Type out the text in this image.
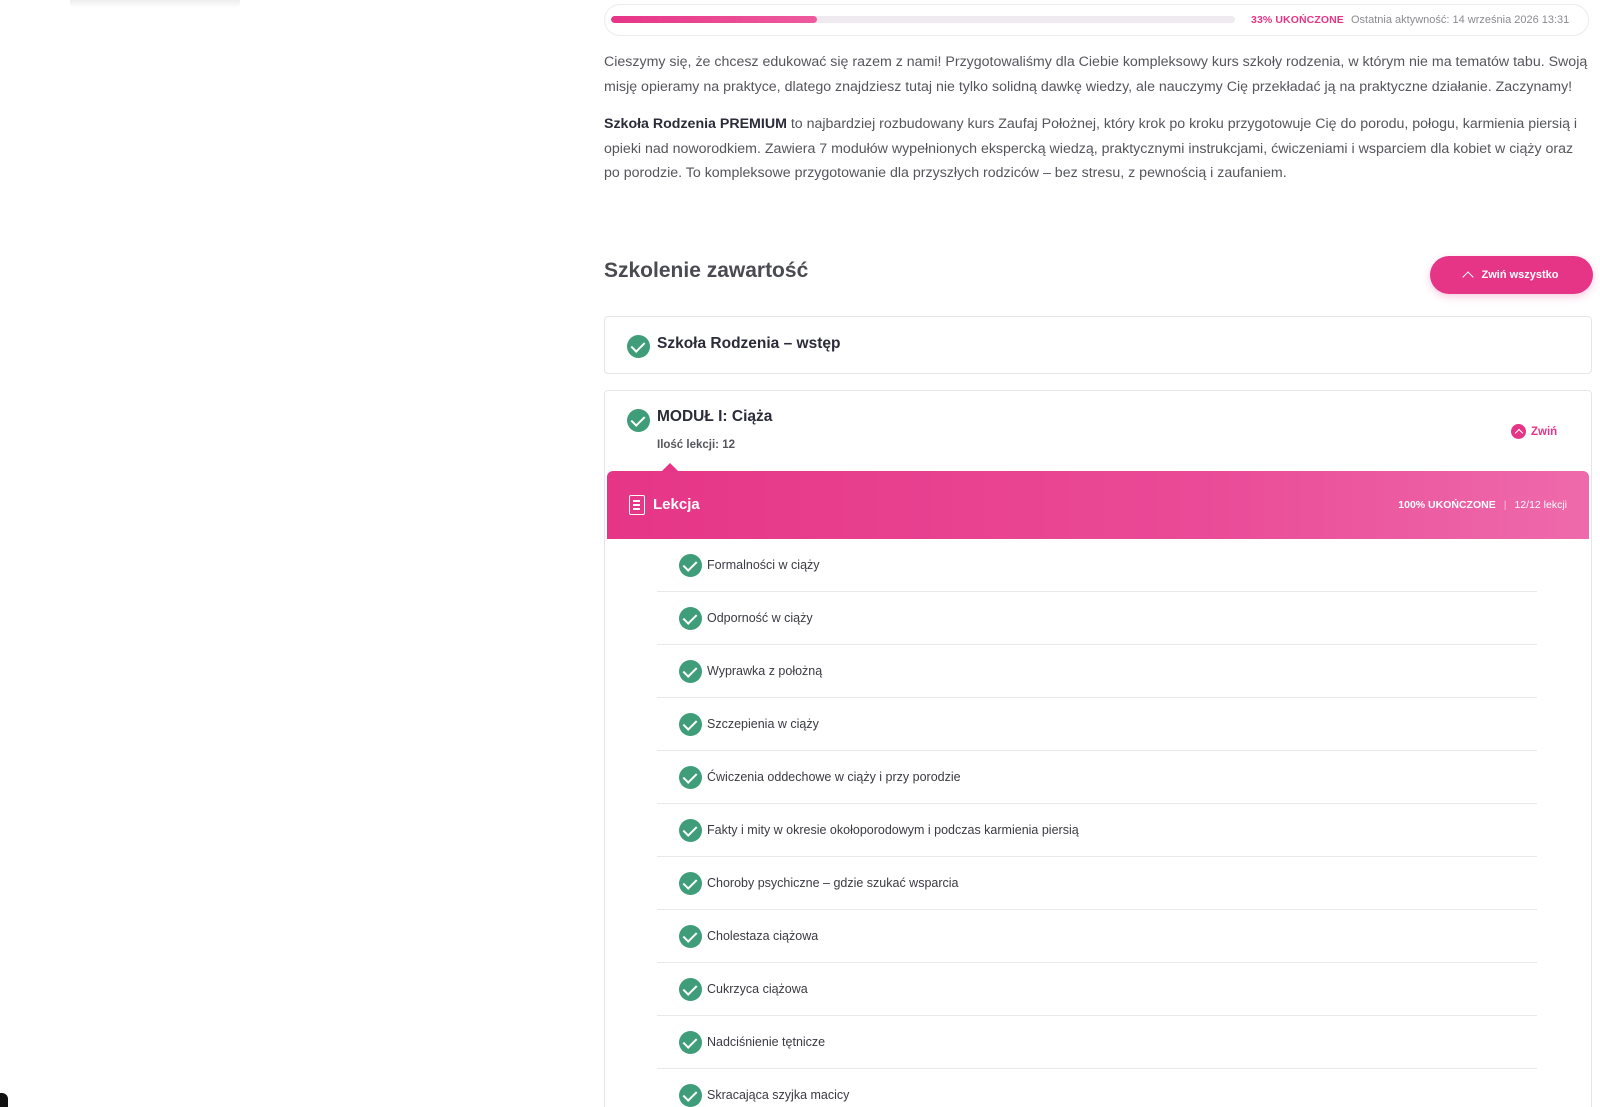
33% UKOŃCZONE Ostatnia aktywność: 14 września 2026 13:31

Cieszymy się, że chcesz edukować się razem z nami! Przygotowaliśmy dla Ciebie kompleksowy kurs szkoły rodzenia, w którym nie ma tematów tabu. Swoją misję opieramy na praktyce, dlatego znajdziesz tutaj nie tylko solidną dawkę wiedzy, ale nauczymy Cię przekładać ją na praktyczne działanie. Zaczynamy!

Szkoła Rodzenia PREMIUM to najbardziej rozbudowany kurs Zaufaj Położnej, który krok po kroku przygotowuje Cię do porodu, połogu, karmienia piersią i opieki nad noworodkiem. Zawiera 7 modułów wypełnionych ekspercką wiedzą, praktycznymi instrukcjami, ćwiczeniami i wsparciem dla kobiet w ciąży oraz po porodzie. To kompleksowe przygotowanie dla przyszłych rodziców – bez stresu, z pewnością i zaufaniem.

Szkolenie zawartość	Zwiń wszystko
Szkoła Rodzenia – wstęp
MODUŁ I: Ciąża
Ilość lekcji: 12
Zwiń
Lekcja	100% UKOŃCZONE | 12/12 lekcji
Formalności w ciąży
Odporność w ciąży
Wyprawka z położną
Szczepienia w ciąży
Ćwiczenia oddechowe w ciąży i przy porodzie
Fakty i mity w okresie okołoporodowym i podczas karmienia piersią
Choroby psychiczne – gdzie szukać wsparcia
Cholestaza ciążowa
Cukrzyca ciążowa
Nadciśnienie tętnicze
Skracająca szyjka macicy
